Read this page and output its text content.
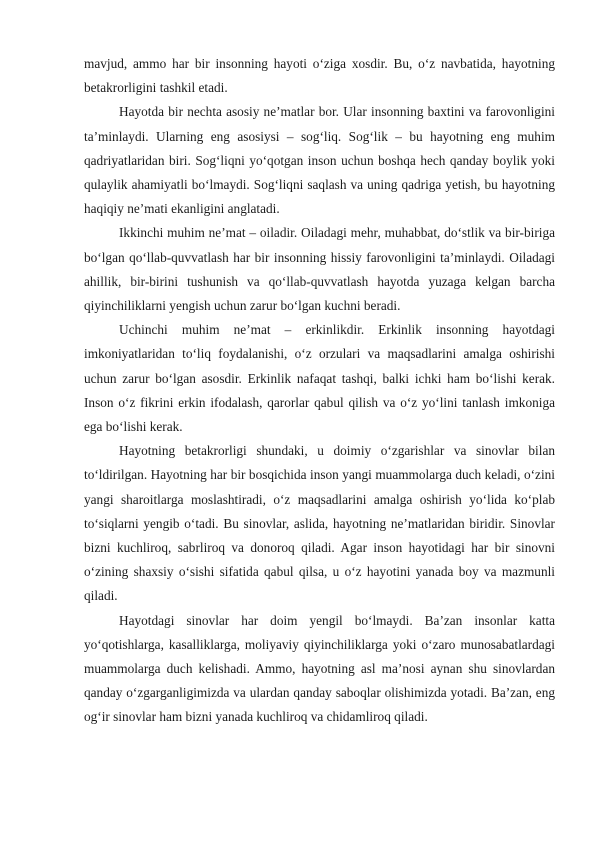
mavjud, ammo har bir insonning hayoti o‘ziga xosdir. Bu, o‘z navbatida, hayotning betakrorligini tashkil etadi.

Hayotda bir nechta asosiy ne’matlar bor. Ular insonning baxtini va farovonligini ta’minlaydi. Ularning eng asosiysi – sog‘liq. Sog‘lik – bu hayotning eng muhim qadriyatlaridan biri. Sog‘liqni yo‘qotgan inson uchun boshqa hech qanday boylik yoki qulaylik ahamiyatli bo‘lmaydi. Sog‘liqni saqlash va uning qadriga yetish, bu hayotning haqiqiy ne’mati ekanligini anglatadi.

Ikkinchi muhim ne’mat – oiladir. Oiladagi mehr, muhabbat, do‘stlik va bir-biriga bo‘lgan qo‘llab-quvvatlash har bir insonning hissiy farovonligini ta’minlaydi. Oiladagi ahillik, bir-birini tushunish va qo‘llab-quvvatlash hayotda yuzaga kelgan barcha qiyinchiliklarni yengish uchun zarur bo‘lgan kuchni beradi.

Uchinchi muhim ne’mat – erkinlikdir. Erkinlik insonning hayotdagi imkoniyatlaridan to‘liq foydalanishi, o‘z orzulari va maqsadlarini amalga oshirishi uchun zarur bo‘lgan asosdir. Erkinlik nafaqat tashqi, balki ichki ham bo‘lishi kerak. Inson o‘z fikrini erkin ifodalash, qarorlar qabul qilish va o‘z yo‘lini tanlash imkoniga ega bo‘lishi kerak.

Hayotning betakrorligi shundaki, u doimiy o‘zgarishlar va sinovlar bilan to‘ldirilgan. Hayotning har bir bosqichida inson yangi muammolarga duch keladi, o‘zini yangi sharoitlarga moslashtiradi, o‘z maqsadlarini amalga oshirish yo‘lida ko‘plab to‘siqlarni yengib o‘tadi. Bu sinovlar, aslida, hayotning ne’matlaridan biridir. Sinovlar bizni kuchliroq, sabrliroq va donoroq qiladi. Agar inson hayotidagi har bir sinovni o‘zining shaxsiy o‘sishi sifatida qabul qilsa, u o‘z hayotini yanada boy va mazmunli qiladi.

Hayotdagi sinovlar har doim yengil bo‘lmaydi. Ba’zan insonlar katta yo‘qotishlarga, kasalliklarga, moliyaviy qiyinchiliklarga yoki o‘zaro munosabatlardagi muammolarga duch kelishadi. Ammo, hayotning asl ma’nosi aynan shu sinovlardan qanday o‘zgarganligimizda va ulardan qanday saboqlar olishimizda yotadi. Ba’zan, eng og‘ir sinovlar ham bizni yanada kuchliroq va chidamliroq qiladi.
